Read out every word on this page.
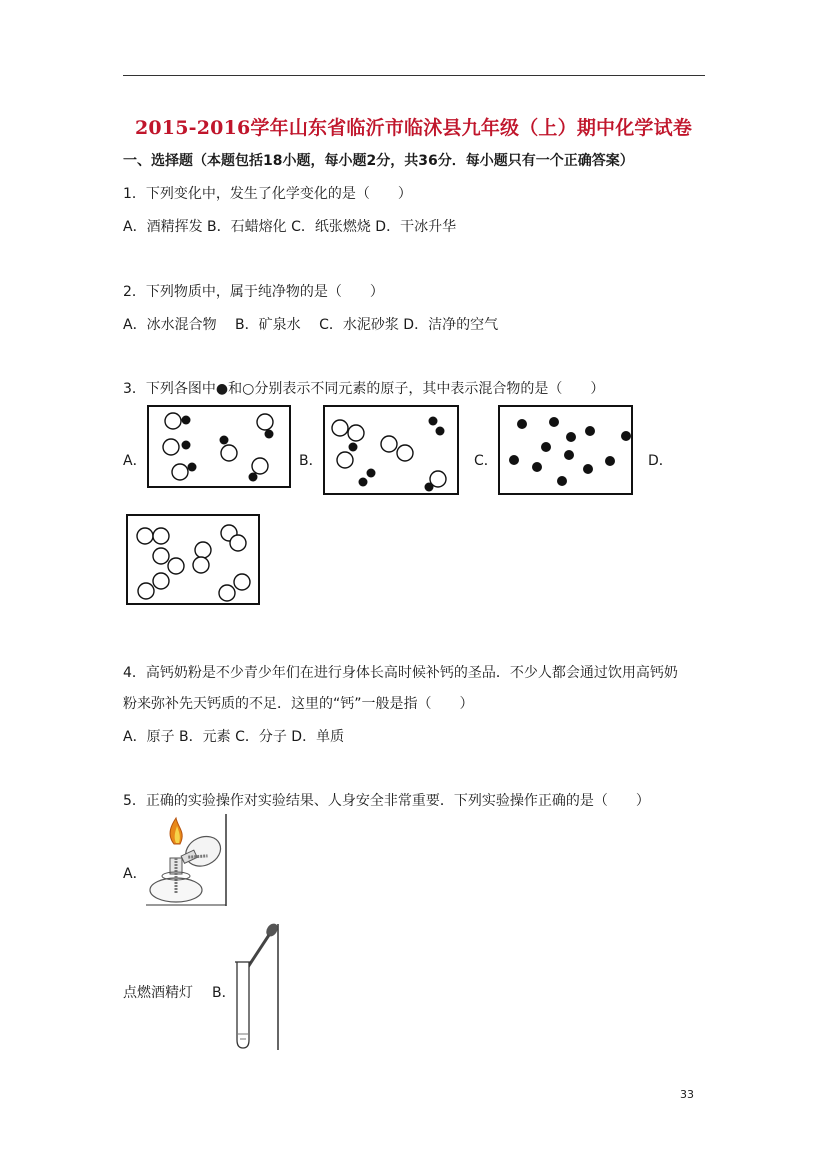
2015-2016学年山东省临沂市临沭县九年级（上）期中化学试卷
一、选择题（本题包括18小题，每小题2分，共36分．每小题只有一个正确答案）
1．下列变化中，发生了化学变化的是（　　）
A．酒精挥发 B．石蜡熔化 C．纸张燃烧 D．干冰升华
2．下列物质中，属于纯净物的是（　　）
A．冰水混合物　 B．矿泉水　 C．水泥砂浆 D．洁净的空气
3．下列各图中●和○分别表示不同元素的原子，其中表示混合物的是（　　）
A．	B．	C．	D．
4．高钙奶粉是不少青少年们在进行身体长高时候补钙的圣品．不少人都会通过饮用高钙奶
粉来弥补先天钙质的不足．这里的“钙”一般是指（　　）
A．原子 B．元素 C．分子 D．单质
5．正确的实验操作对实验结果、人身安全非常重要．下列实验操作正确的是（　　）
A．
点燃酒精灯 B．
33
